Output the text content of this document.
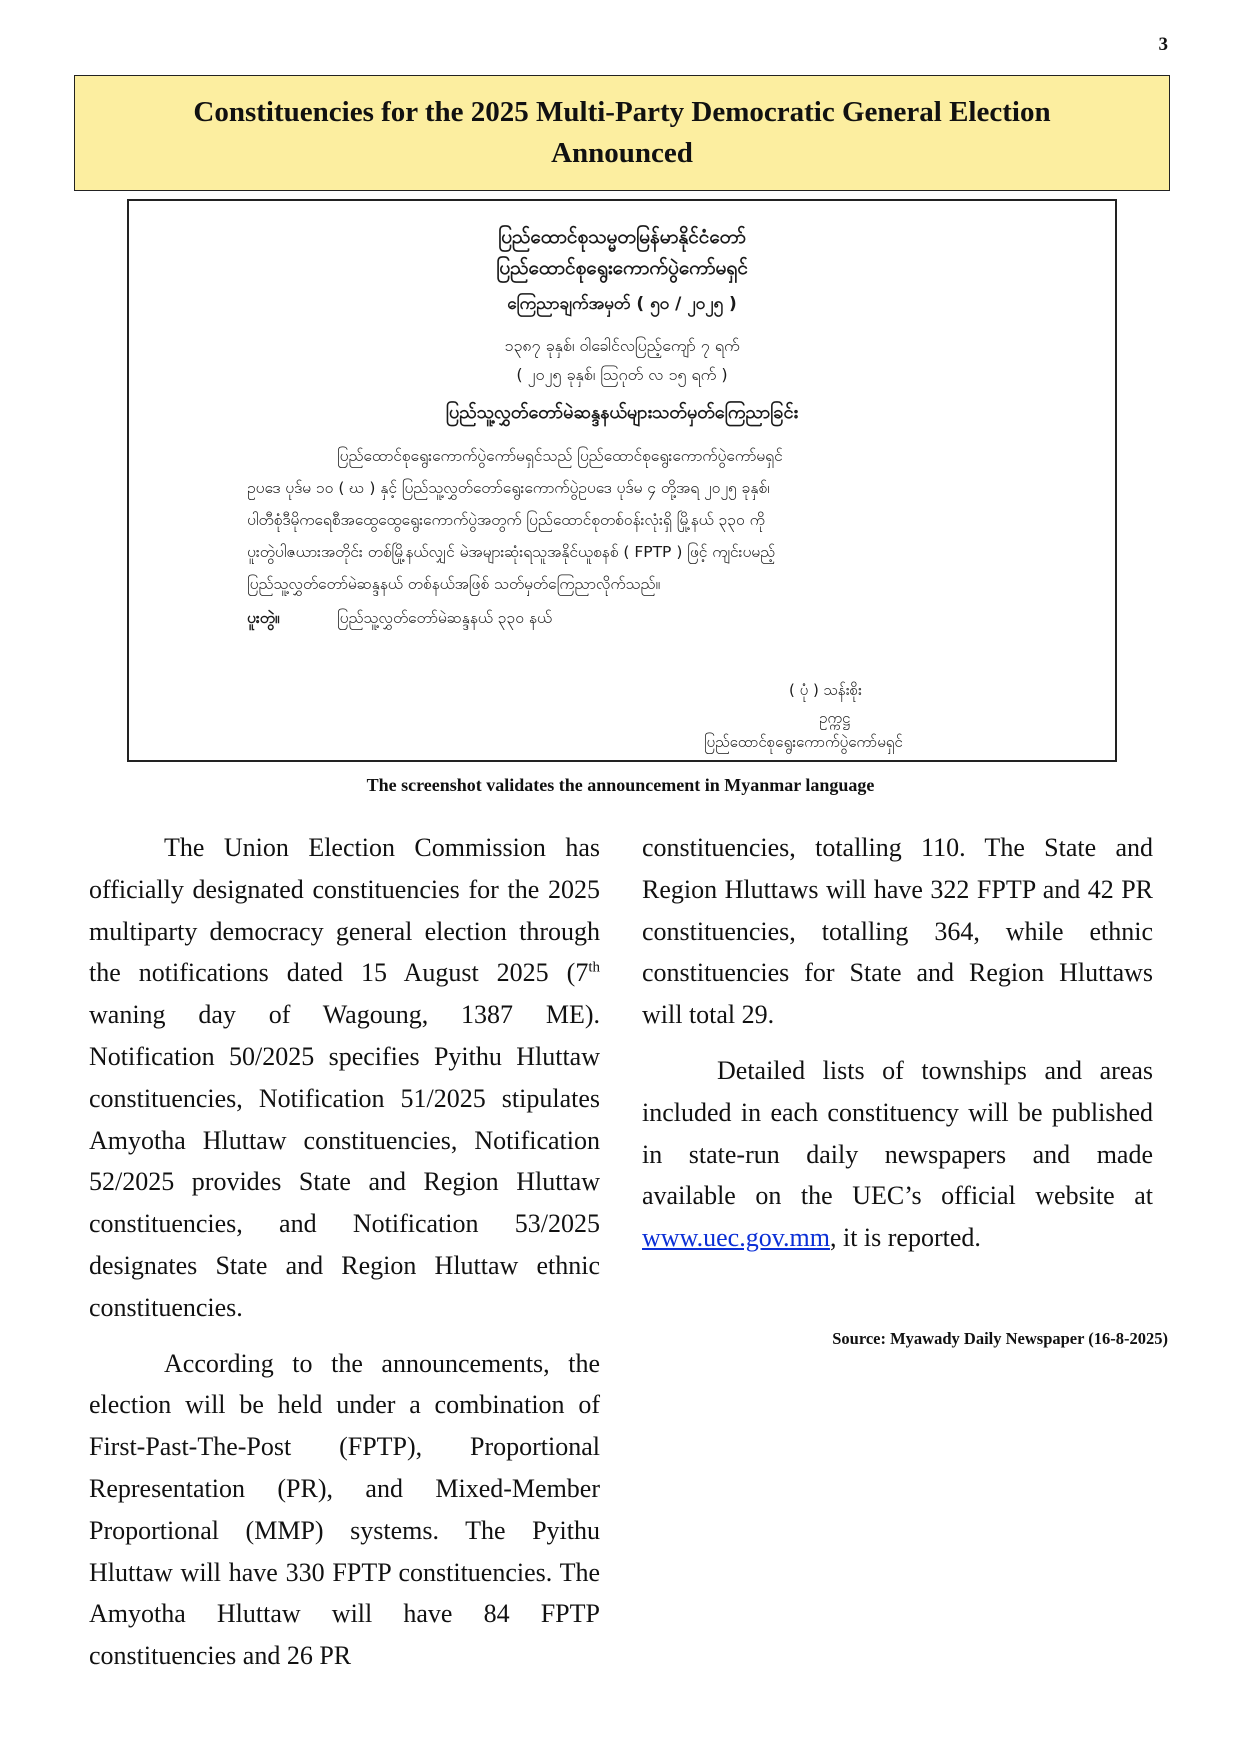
3
Constituencies for the 2025 Multi-Party Democratic General Election Announced
ပြည်ထောင်စုသမ္မတမြန်မာနိုင်ငံတော်
ပြည်ထောင်စုရွေးကောက်ပွဲကော်မရှင်
ကြေညာချက်အမှတ် ( ၅၀ / ၂၀၂၅ )
၁၃၈၇ ခုနှစ်၊ ဝါခေါင်လပြည့်ကျော် ၇ ရက်
( ၂၀၂၅ ခုနှစ်၊ ဩဂုတ် လ ၁၅ ရက် )
ပြည်သူ့လွှတ်တော်မဲဆန္ဒနယ်များသတ်မှတ်ကြေညာခြင်း
ပြည်ထောင်စုရွေးကောက်ပွဲကော်မရှင်သည် ပြည်ထောင်စုရွေးကောက်ပွဲကော်မရှင်
ဥပဒေ ပုဒ်မ ၁၀ ( ဃ ) နှင့် ပြည်သူ့လွှတ်တော်ရွေးကောက်ပွဲဥပဒေ ပုဒ်မ ၄ တို့အရ ၂၀၂၅ ခုနှစ်၊
ပါတီစုံဒီမိုကရေစီအထွေထွေရွေးကောက်ပွဲအတွက် ပြည်ထောင်စုတစ်ဝန်းလုံးရှိ မြို့နယ် ၃၃၀ ကို
ပူးတွဲပါဇယားအတိုင်း တစ်မြို့နယ်လျှင် မဲအများဆုံးရသူအနိုင်ယူစနစ် ( FPTP ) ဖြင့် ကျင်းပမည့်
ပြည်သူ့လွှတ်တော်မဲဆန္ဒနယ် တစ်နယ်အဖြစ် သတ်မှတ်ကြေညာလိုက်သည်။
ပူးတွဲ။	ပြည်သူ့လွှတ်တော်မဲဆန္ဒနယ် ၃၃၀ နယ်
( ပုံ ) သန်းစိုး
ဥက္ကဋ္ဌ
ပြည်ထောင်စုရွေးကောက်ပွဲကော်မရှင်
The screenshot validates the announcement in Myanmar language

The Union Election Commission has officially designated constituencies for the 2025 multiparty democracy general election through the notifications dated 15 August 2025 (7th waning day of Wagoung, 1387 ME). Notification 50/2025 specifies Pyithu Hluttaw constituencies, Notification 51/2025 stipulates Amyotha Hluttaw constituencies, Notification 52/2025 provides State and Region Hluttaw constituencies, and Notification 53/2025 designates State and Region Hluttaw ethnic constituencies.

According to the announcements, the election will be held under a combination of First-Past-The-Post (FPTP), Proportional Representation (PR), and Mixed-Member Proportional (MMP) systems. The Pyithu Hluttaw will have 330 FPTP constituencies. The Amyotha Hluttaw will have 84 FPTP constituencies and 26 PR

constituencies, totalling 110. The State and Region Hluttaws will have 322 FPTP and 42 PR constituencies, totalling 364, while ethnic constituencies for State and Region Hluttaws will total 29.

Detailed lists of townships and areas included in each constituency will be published in state-run daily newspapers and made available on the UEC’s official website at www.uec.gov.mm, it is reported.

Source: Myawady Daily Newspaper (16-8-2025)
